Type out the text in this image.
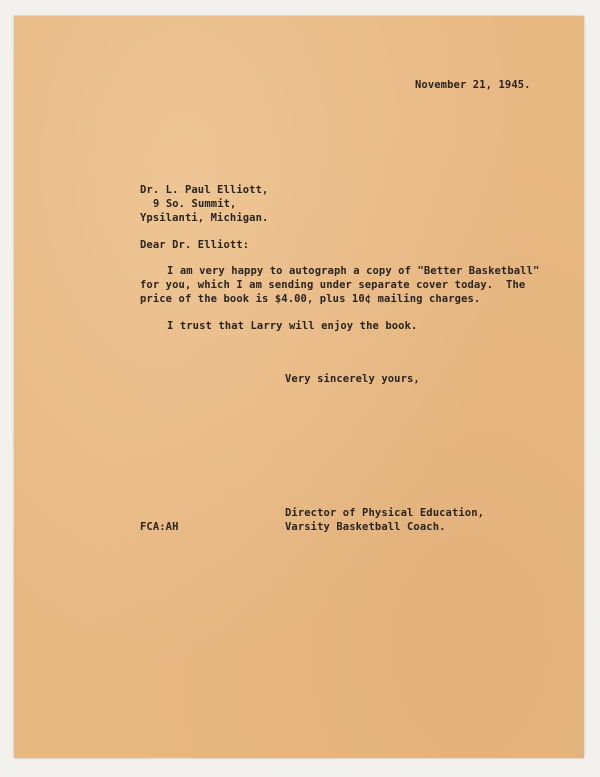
November 21, 1945.
Dr. L. Paul Elliott,
9 So. Summit,
Ypsilanti, Michigan.
Dear Dr. Elliott:
I am very happy to autograph a copy of "Better Basketball"
for you, which I am sending under separate cover today.  The
price of the book is $4.00, plus 10¢ mailing charges.
I trust that Larry will enjoy the book.
Very sincerely yours,
Director of Physical Education,
FCA:AH	Varsity Basketball Coach.
